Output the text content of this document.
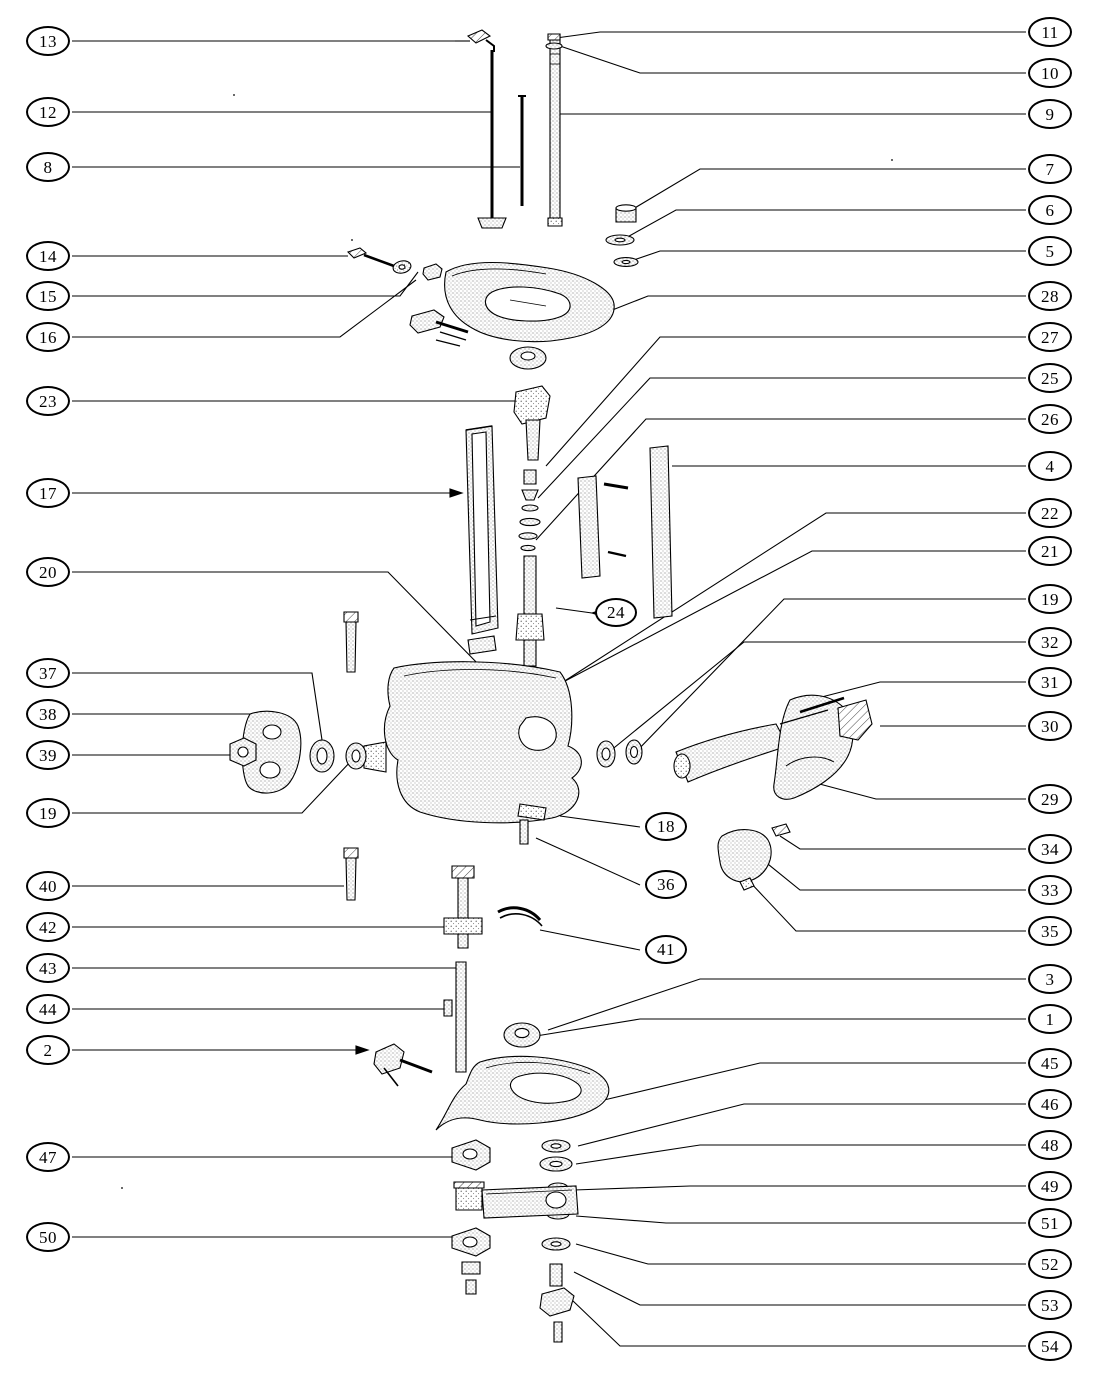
13
12
8
14
15
16
23
17
20
37
38
39
19
40
42
43
44
2
47
50
24
18
36
41
11
10
9
7
6
5
28
27
25
26
4
22
21
19
32
31
30
29
34
33
35
3
1
45
46
48
49
51
52
53
54
